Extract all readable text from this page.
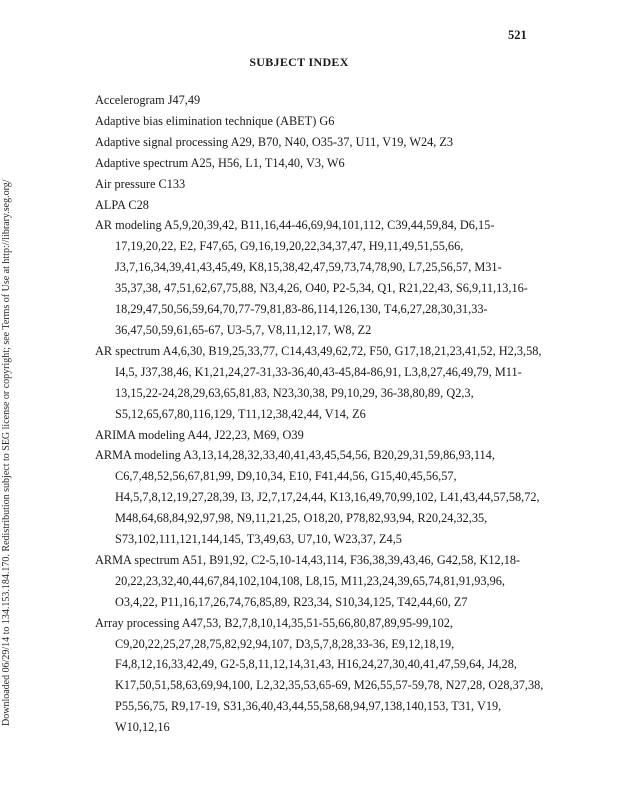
521
SUBJECT INDEX
Downloaded 06/29/14 to 134.153.184.170. Redistribution subject to SEG license or copyright; see Terms of Use at http://library.seg.org/

Accelerogram J47,49

Adaptive bias elimination technique (ABET) G6

Adaptive signal processing A29, B70, N40, O35-37, U11, V19, W24, Z3

Adaptive spectrum A25, H56, L1, T14,40, V3, W6

Air pressure C133

ALPA C28

AR modeling A5,9,20,39,42, B11,16,44-46,69,94,101,112, C39,44,59,84, D6,15-17,19,20,22, E2, F47,65, G9,16,19,20,22,34,37,47, H9,11,49,51,55,66, J3,7,16,34,39,41,43,45,49, K8,15,38,42,47,59,73,74,78,90, L7,25,56,57, M31-35,37,38, 47,51,62,67,75,88, N3,4,26, O40, P2-5,34, Q1, R21,22,43, S6,9,11,13,16-18,29,47,50,56,59,64,70,77-79,81,83-86,114,126,130, T4,6,27,28,30,31,33-36,47,50,59,61,65-67, U3-5,7, V8,11,12,17, W8, Z2

AR spectrum A4,6,30, B19,25,33,77, C14,43,49,62,72, F50, G17,18,21,23,41,52, H2,3,58, I4,5, J37,38,46, K1,21,24,27-31,33-36,40,43-45,84-86,91, L3,8,27,46,49,79, M11-13,15,22-24,28,29,63,65,81,83, N23,30,38, P9,10,29, 36-38,80,89, Q2,3, S5,12,65,67,80,116,129, T11,12,38,42,44, V14, Z6

ARIMA modeling A44, J22,23, M69, O39

ARMA modeling A3,13,14,28,32,33,40,41,43,45,54,56, B20,29,31,59,86,93,114, C6,7,48,52,56,67,81,99, D9,10,34, E10, F41,44,56, G15,40,45,56,57, H4,5,7,8,12,19,27,28,39, I3, J2,7,17,24,44, K13,16,49,70,99,102, L41,43,44,57,58,72, M48,64,68,84,92,97,98, N9,11,21,25, O18,20, P78,82,93,94, R20,24,32,35, S73,102,111,121,144,145, T3,49,63, U7,10, W23,37, Z4,5

ARMA spectrum A51, B91,92, C2-5,10-14,43,114, F36,38,39,43,46, G42,58, K12,18-20,22,23,32,40,44,67,84,102,104,108, L8,15, M11,23,24,39,65,74,81,91,93,96, O3,4,22, P11,16,17,26,74,76,85,89, R23,34, S10,34,125, T42,44,60, Z7

Array processing A47,53, B2,7,8,10,14,35,51-55,66,80,87,89,95-99,102, C9,20,22,25,27,28,75,82,92,94,107, D3,5,7,8,28,33-36, E9,12,18,19, F4,8,12,16,33,42,49, G2-5,8,11,12,14,31,43, H16,24,27,30,40,41,47,59,64, J4,28, K17,50,51,58,63,69,94,100, L2,32,35,53,65-69, M26,55,57-59,78, N27,28, O28,37,38, P55,56,75, R9,17-19, S31,36,40,43,44,55,58,68,94,97,138,140,153, T31, V19, W10,12,16
